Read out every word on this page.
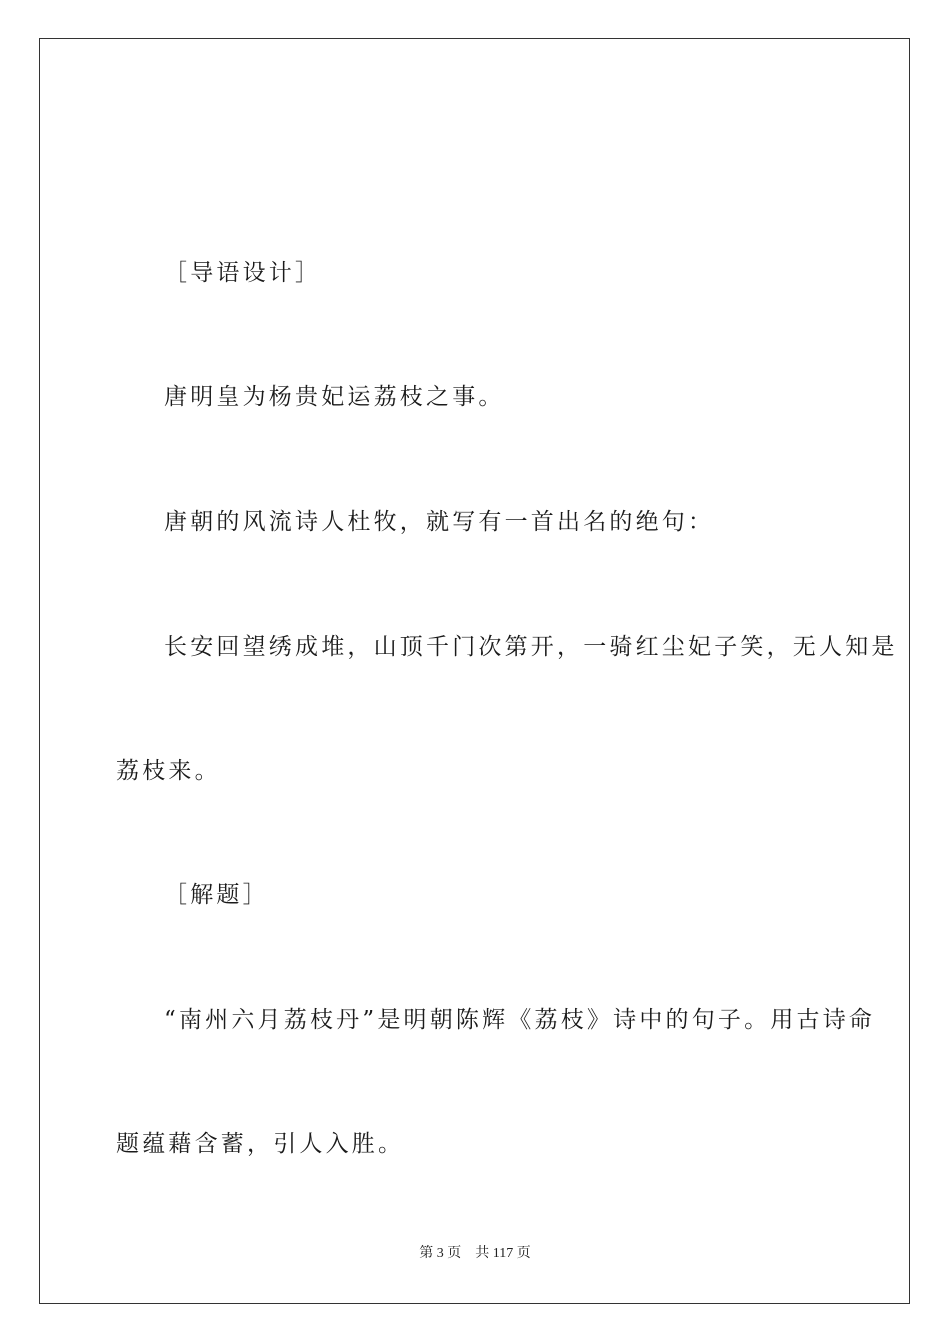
［导语设计］
唐明皇为杨贵妃运荔枝之事。
唐朝的风流诗人杜牧，就写有一首出名的绝句：
长安回望绣成堆，山顶千门次第开，一骑红尘妃子笑，无人知是
荔枝来。
［解题］
“南州六月荔枝丹”是明朝陈辉《荔枝》诗中的句子。用古诗命
题蕴藉含蓄，引人入胜。
第 3 页 共 117 页
